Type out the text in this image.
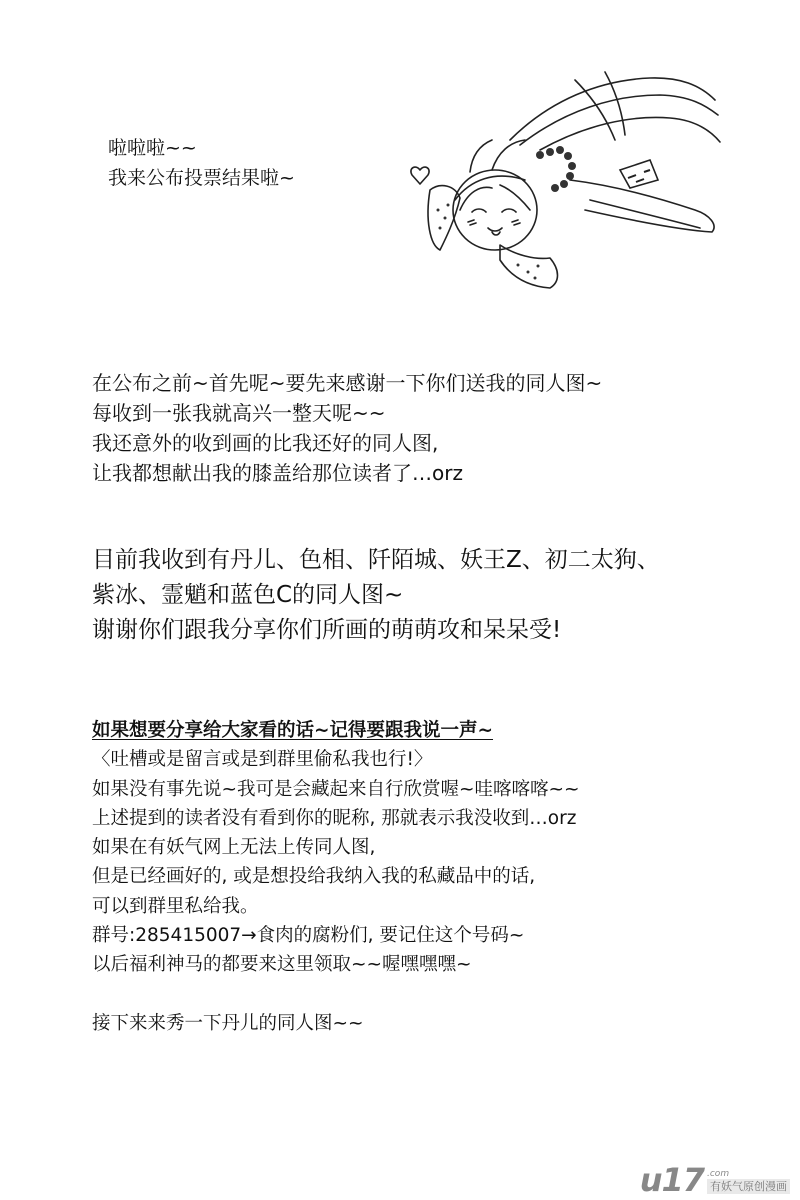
啦啦啦~~
我来公布投票结果啦~
在公布之前~首先呢~要先来感谢一下你们送我的同人图~
每收到一张我就高兴一整天呢~~
我还意外的收到画的比我还好的同人图,
让我都想献出我的膝盖给那位读者了…orz
目前我收到有丹儿、色相、阡陌城、妖王Z、初二太狗、
紫冰、霊魈和蓝色C的同人图~
谢谢你们跟我分享你们所画的萌萌攻和呆呆受!
如果想要分享给大家看的话~记得要跟我说一声~
〈吐槽或是留言或是到群里偷私我也行!〉
如果没有事先说~我可是会藏起来自行欣赏喔~哇喀喀喀~~
上述提到的读者没有看到你的昵称, 那就表示我没收到…orz
如果在有妖气网上无法上传同人图,
但是已经画好的, 或是想投给我纳入我的私藏品中的话,
可以到群里私给我。
群号:285415007→食肉的腐粉们, 要记住这个号码~
以后福利神马的都要来这里领取~~喔嘿嘿嘿~
接下来来秀一下丹儿的同人图~~
u17 .com
有妖气原创漫画
